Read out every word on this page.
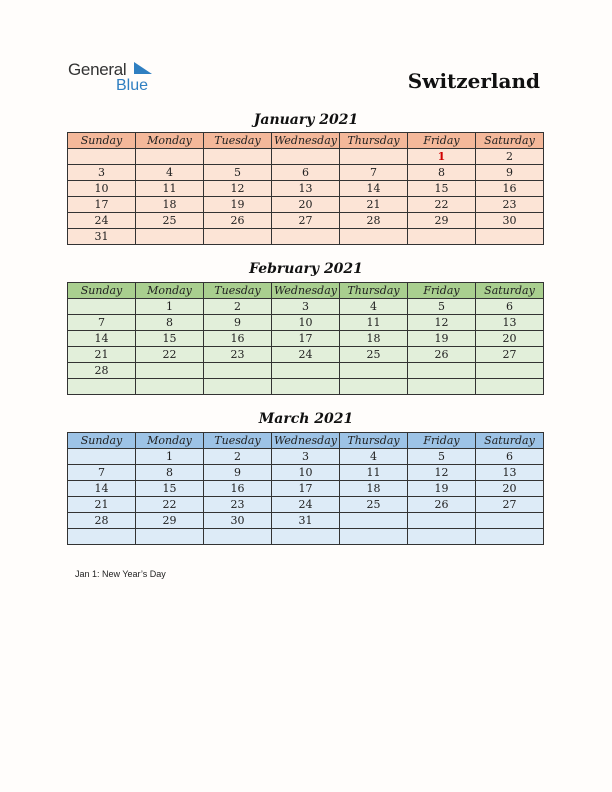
General
Blue	Switzerland
January 2021
Sunday	Monday	Tuesday	Wednesday	Thursday	Friday	Saturday
					1	2
3	4	5	6	7	8	9
10	11	12	13	14	15	16
17	18	19	20	21	22	23
24	25	26	27	28	29	30
31						
February 2021
Sunday	Monday	Tuesday	Wednesday	Thursday	Friday	Saturday
	1	2	3	4	5	6
7	8	9	10	11	12	13
14	15	16	17	18	19	20
21	22	23	24	25	26	27
28						

March 2021
Sunday	Monday	Tuesday	Wednesday	Thursday	Friday	Saturday
	1	2	3	4	5	6
7	8	9	10	11	12	13
14	15	16	17	18	19	20
21	22	23	24	25	26	27
28	29	30	31			

Jan 1: New Year’s Day
